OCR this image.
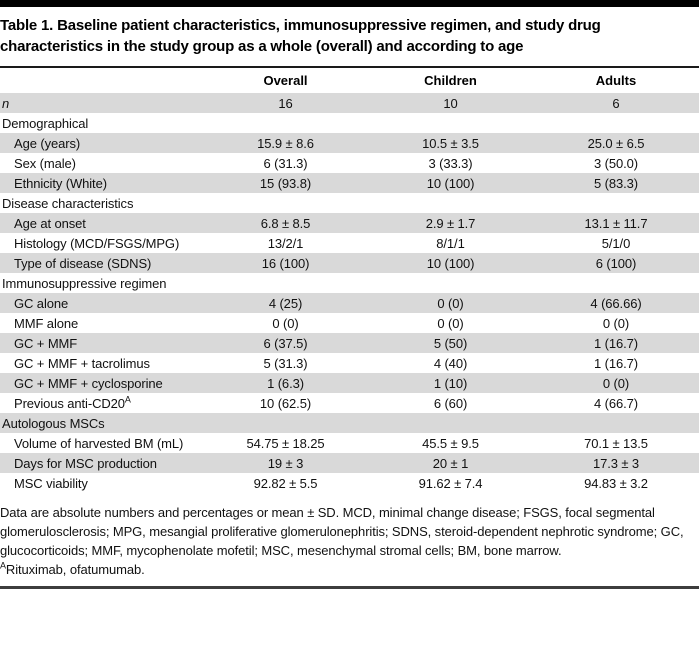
Table 1. Baseline patient characteristics, immunosuppressive regimen, and study drug characteristics in the study group as a whole (overall) and according to age
	Overall	Children	Adults
n	16	10	6
Demographical			
Age (years)	15.9 ± 8.6	10.5 ± 3.5	25.0 ± 6.5
Sex (male)	6 (31.3)	3 (33.3)	3 (50.0)
Ethnicity (White)	15 (93.8)	10 (100)	5 (83.3)
Disease characteristics			
Age at onset	6.8 ± 8.5	2.9 ± 1.7	13.1 ± 11.7
Histology (MCD/FSGS/MPG)	13/2/1	8/1/1	5/1/0
Type of disease (SDNS)	16 (100)	10 (100)	6 (100)
Immunosuppressive regimen			
GC alone	4 (25)	0 (0)	4 (66.66)
MMF alone	0 (0)	0 (0)	0 (0)
GC + MMF	6 (37.5)	5 (50)	1 (16.7)
GC + MMF + tacrolimus	5 (31.3)	4 (40)	1 (16.7)
GC + MMF + cyclosporine	1 (6.3)	1 (10)	0 (0)
Previous anti-$CD20^A$	10 (62.5)	6 (60)	4 (66.7)
Autologous MSCs			
Volume of harvested BM (mL)	54.75 ± 18.25	45.5 ± 9.5	70.1 ± 13.5
Days for MSC production	19 ± 3	20 ± 1	17.3 ± 3
MSC viability	92.82 ± 5.5	91.62 ± 7.4	94.83 ± 3.2

Data are absolute numbers and percentages or mean ± SD. MCD, minimal change disease; FSGS, focal segmental glomerulosclerosis; MPG, mesangial proliferative glomerulonephritis; SDNS, steroid-dependent nephrotic syndrome; GC, glucocorticoids; MMF, mycophenolate mofetil; MSC, mesenchymal stromal cells; BM, bone marrow.

$^A$Rituximab, ofatumumab.
